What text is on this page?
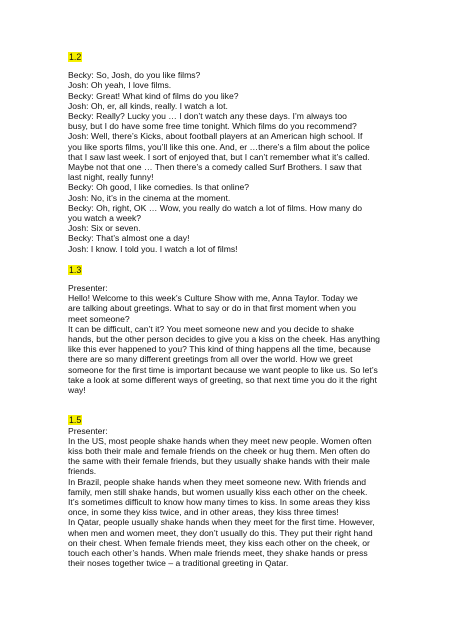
1.2
Becky: So, Josh, do you like films?
Josh: Oh yeah, I love films.
Becky: Great! What kind of films do you like?
Josh: Oh, er, all kinds, really. I watch a lot.
Becky: Really? Lucky you … I don’t watch any these days. I’m always too
busy, but I do have some free time tonight. Which films do you recommend?
Josh: Well, there’s Kicks, about football players at an American high school. If
you like sports films, you’ll like this one. And, er …there’s a film about the police
that I saw last week. I sort of enjoyed that, but I can’t remember what it’s called.
Maybe not that one … Then there’s a comedy called Surf Brothers. I saw that
last night, really funny!
Becky: Oh good, I like comedies. Is that online?
Josh: No, it’s in the cinema at the moment.
Becky: Oh, right, OK … Wow, you really do watch a lot of films. How many do
you watch a week?
Josh: Six or seven.
Becky: That’s almost one a day!
Josh: I know. I told you. I watch a lot of films!
1.3
Presenter:
Hello! Welcome to this week’s Culture Show with me, Anna Taylor. Today we
are talking about greetings. What to say or do in that first moment when you
meet someone?
It can be difficult, can’t it? You meet someone new and you decide to shake
hands, but the other person decides to give you a kiss on the cheek. Has anything
like this ever happened to you? This kind of thing happens all the time, because
there are so many different greetings from all over the world. How we greet
someone for the first time is important because we want people to like us. So let’s
take a look at some different ways of greeting, so that next time you do it the right
way!
1.5
Presenter:
In the US, most people shake hands when they meet new people. Women often
kiss both their male and female friends on the cheek or hug them. Men often do
the same with their female friends, but they usually shake hands with their male
friends.
In Brazil, people shake hands when they meet someone new. With friends and
family, men still shake hands, but women usually kiss each other on the cheek.
It’s sometimes difficult to know how many times to kiss. In some areas they kiss
once, in some they kiss twice, and in other areas, they kiss three times!
In Qatar, people usually shake hands when they meet for the first time. However,
when men and women meet, they don’t usually do this. They put their right hand
on their chest. When female friends meet, they kiss each other on the cheek, or
touch each other’s hands. When male friends meet, they shake hands or press
their noses together twice – a traditional greeting in Qatar.
